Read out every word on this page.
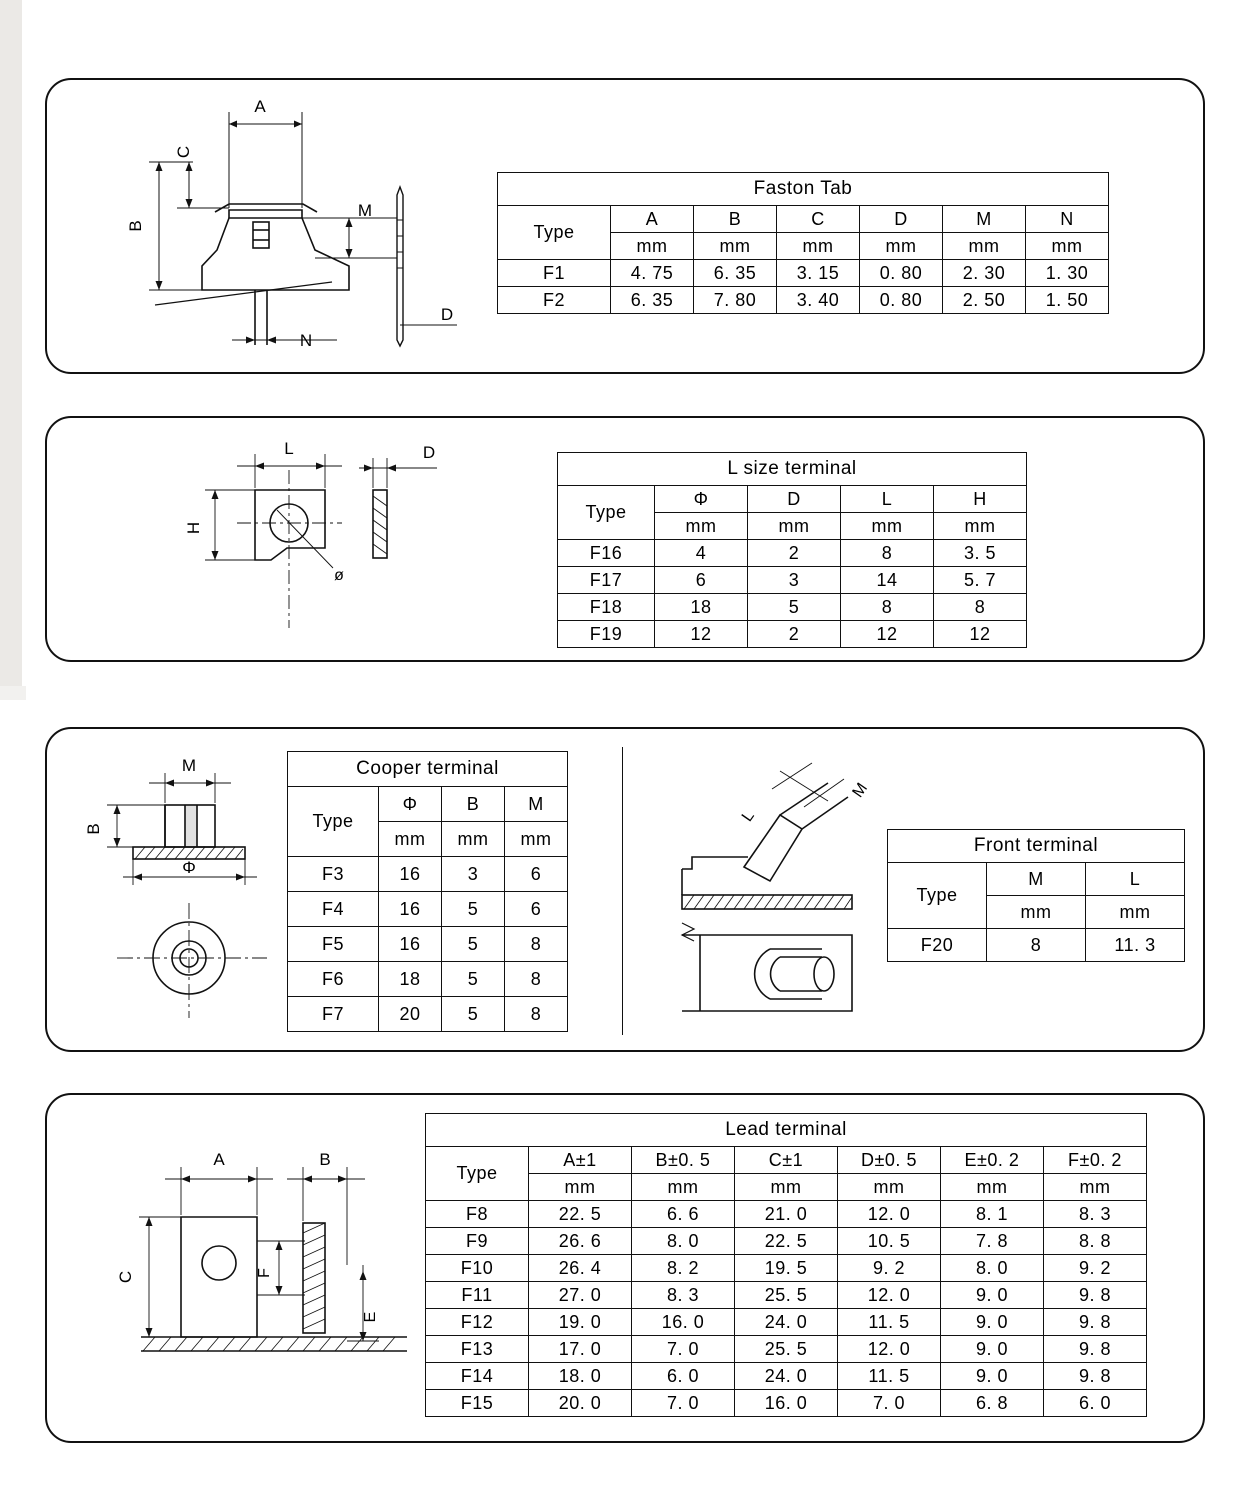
A
C
B
M
N
D
Faston Tab						
Type	A	B	C	D	M	N
	mm	mm	mm	mm	mm	mm
F1	4. 75	6. 35	3. 15	0. 80	2. 30	1. 30
F2	6. 35	7. 80	3. 40	0. 80	2. 50	1. 50
L
H
D
ø
L size terminal				
Type	Φ	D	L	H
	mm	mm	mm	mm
F16	4	2	8	3. 5
F17	6	3	14	5. 7
F18	18	5	8	8
F19	12	2	12	12
M
B
Φ
Cooper terminal			
Type	Φ	B	M
	mm	mm	mm
F3	16	3	6
F4	16	5	6
F5	16	5	8
F6	18	5	8
F7	20	5	8
L
M
Front terminal		
Type	M	L
	mm	mm
F20	8	11. 3
A	B
C	F
E
Lead terminal						
Type	A±1	B±0. 5	C±1	D±0. 5	E±0. 2	F±0. 2
	mm	mm	mm	mm	mm	mm
F8	22. 5	6. 6	21. 0	12. 0	8. 1	8. 3
F9	26. 6	8. 0	22. 5	10. 5	7. 8	8. 8
F10	26. 4	8. 2	19. 5	9. 2	8. 0	9. 2
F11	27. 0	8. 3	25. 5	12. 0	9. 0	9. 8
F12	19. 0	16. 0	24. 0	11. 5	9. 0	9. 8
F13	17. 0	7. 0	25. 5	12. 0	9. 0	9. 8
F14	18. 0	6. 0	24. 0	11. 5	9. 0	9. 8
F15	20. 0	7. 0	16. 0	7. 0	6. 8	6. 0
